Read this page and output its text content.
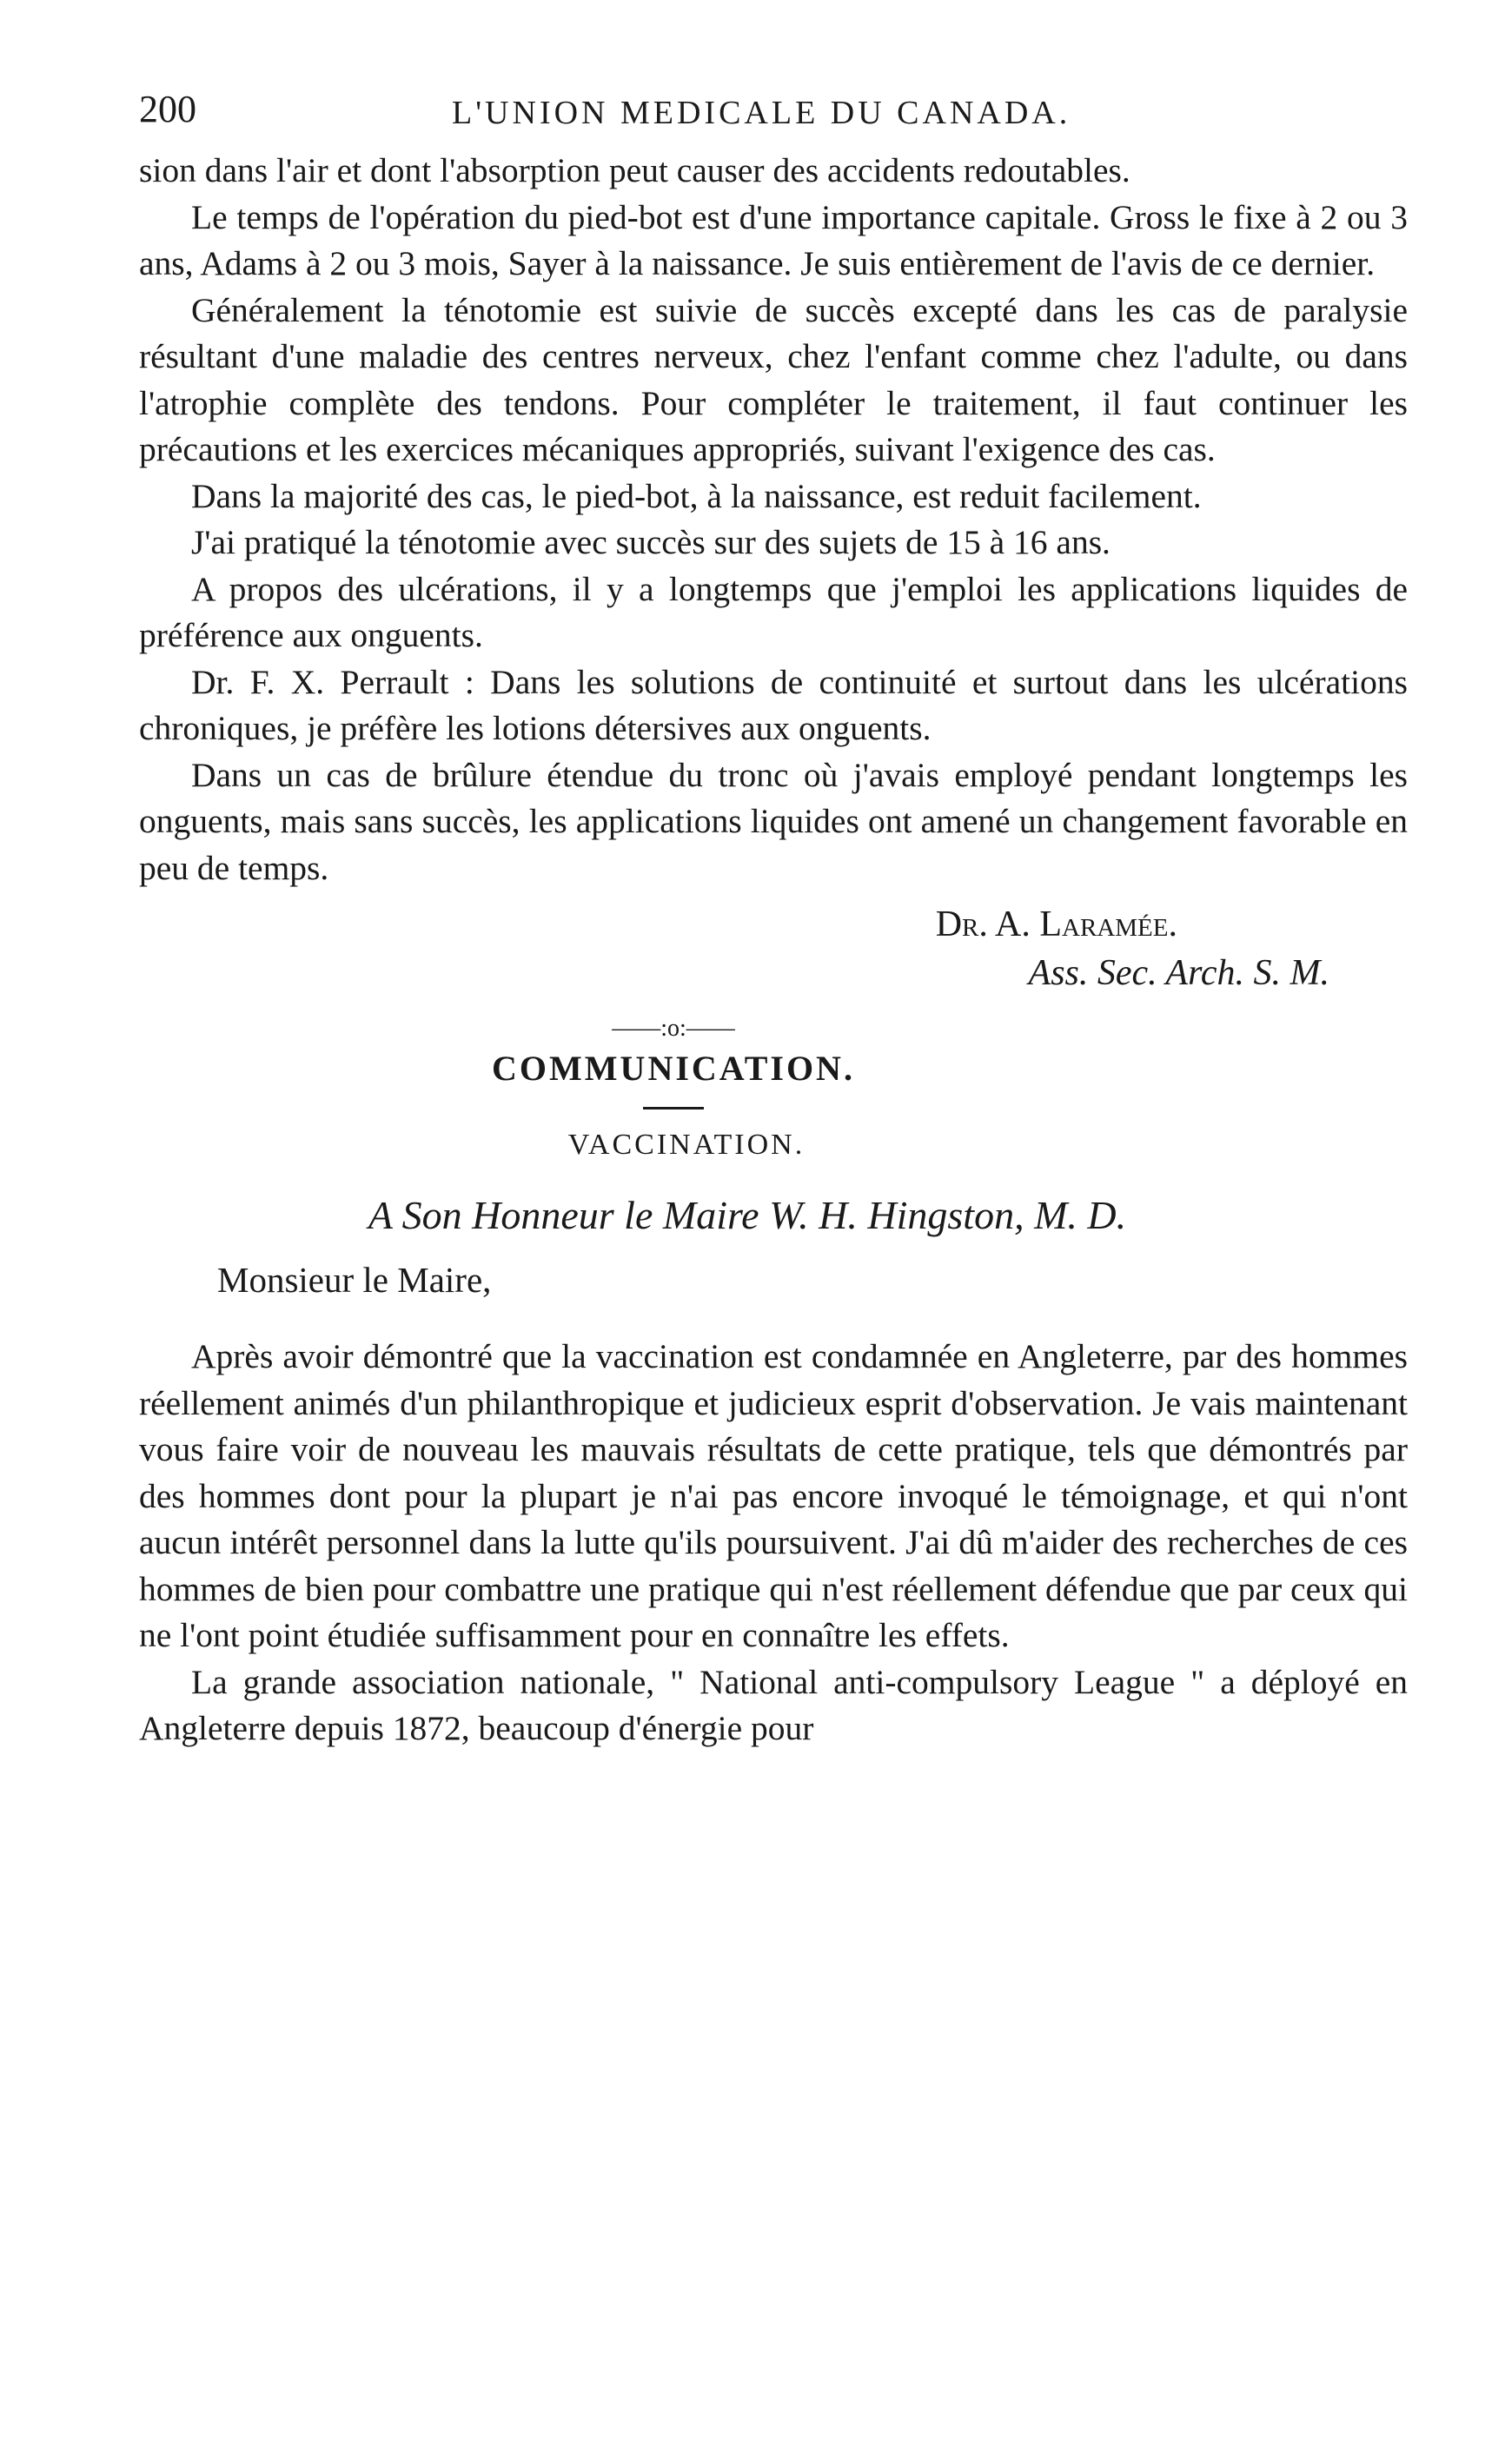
200	L'UNION MEDICALE DU CANADA.

sion dans l'air et dont l'absorption peut causer des accidents redoutables.

Le temps de l'opération du pied-bot est d'une importance capitale. Gross le fixe à 2 ou 3 ans, Adams à 2 ou 3 mois, Sayer à la naissance. Je suis entièrement de l'avis de ce dernier.

Généralement la ténotomie est suivie de succès excepté dans les cas de paralysie résultant d'une maladie des centres nerveux, chez l'enfant comme chez l'adulte, ou dans l'atrophie complète des tendons. Pour compléter le traitement, il faut continuer les précautions et les exercices mécaniques appropriés, suivant l'exigence des cas.

Dans la majorité des cas, le pied-bot, à la naissance, est reduit facilement.

J'ai pratiqué la ténotomie avec succès sur des sujets de 15 à 16 ans.

A propos des ulcérations, il y a longtemps que j'emploi les applications liquides de préférence aux onguents.

Dr. F. X. Perrault : Dans les solutions de continuité et surtout dans les ulcérations chroniques, je préfère les lotions détersives aux onguents.

Dans un cas de brûlure étendue du tronc où j'avais employé pendant longtemps les onguents, mais sans succès, les applications liquides ont amené un changement favorable en peu de temps.

Dr. A. Laramée.
Ass. Sec. Arch. S. M.
——:o:——
COMMUNICATION.
VACCINATION.
A Son Honneur le Maire W. H. Hingston, M. D.
Monsieur le Maire,

Après avoir démontré que la vaccination est condamnée en Angleterre, par des hommes réellement animés d'un philanthropique et judicieux esprit d'observation. Je vais maintenant vous faire voir de nouveau les mauvais résultats de cette pratique, tels que démontrés par des hommes dont pour la plupart je n'ai pas encore invoqué le témoignage, et qui n'ont aucun intérêt personnel dans la lutte qu'ils poursuivent. J'ai dû m'aider des recherches de ces hommes de bien pour combattre une pratique qui n'est réellement défendue que par ceux qui ne l'ont point étudiée suffisamment pour en connaître les effets.

La grande association nationale, " National anti-compulsory League " a déployé en Angleterre depuis 1872, beaucoup d'énergie pour
